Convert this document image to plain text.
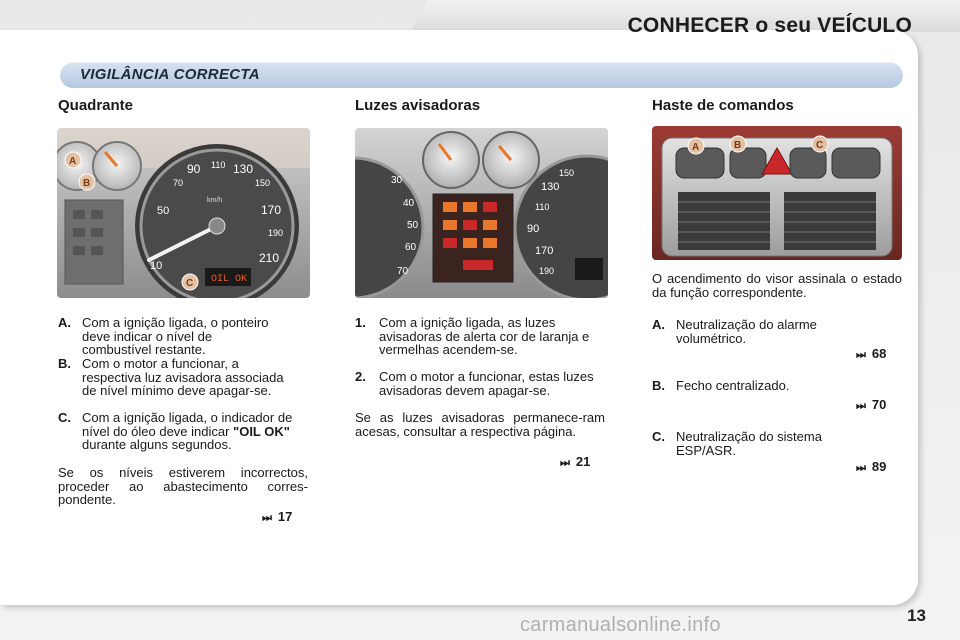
CONHECER o seu VEÍCULO
VIGILÂNCIA CORRECTA
Quadrante
10
50
70
90 110 130
150
170
190
210
km/h
OIL OK
A
B
C
A. Com a ignição ligada, o ponteiro deve indicar o nível de combustível restante.
B. Com o motor a funcionar, a respectiva luz avisadora associada de nível mínimo deve apagar-se.
C. Com a ignição ligada, o indicador de nível do óleo deve indicar "OIL OK" durante alguns segundos.
Se os níveis estiverem incorrectos, proceder ao abastecimento corres-pondente.
⏭ 17
Luzes avisadoras
30
40
50
60
70
90
110
130
150
170
190
1. Com a ignição ligada, as luzes avisadoras de alerta cor de laranja e vermelhas acendem-se.
2. Com o motor a funcionar, estas luzes avisadoras devem apagar-se.
Se as luzes avisadoras permanece-ram acesas, consultar a respectiva página.
⏭ 21
Haste de comandos
A	B	C
O acendimento do visor assinala o estado da função correspondente.
A. Neutralização do alarme volumétrico.
⏭ 68
B. Fecho centralizado.
⏭ 70
C. Neutralização do sistema ESP/ASR.
⏭ 89
13
carmanualsonline.info
